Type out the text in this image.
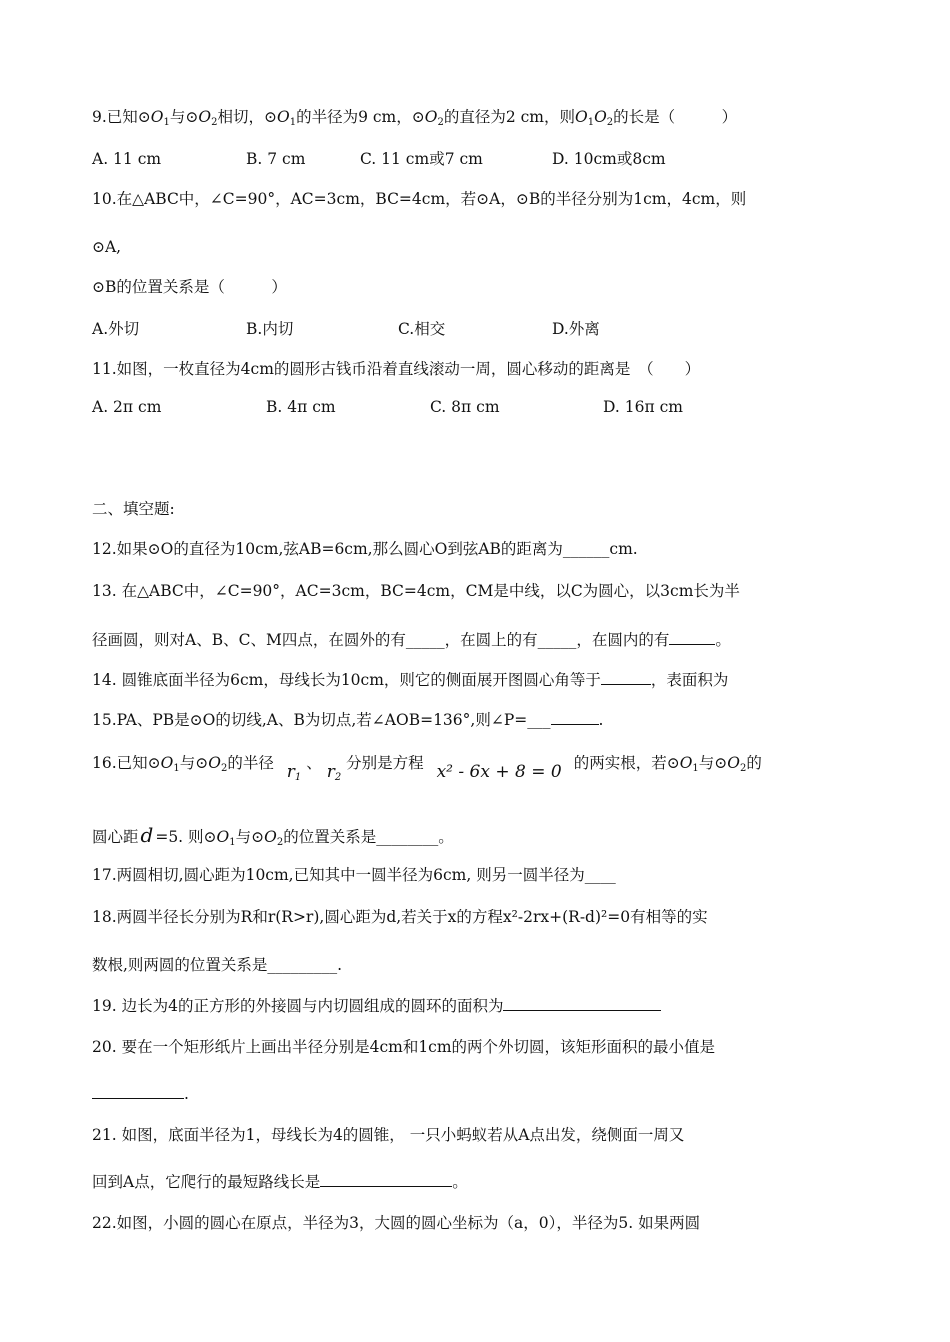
9.已知$⊙O_1$与$⊙O_2$相切，$⊙O_1$的半径为9 cm，$⊙O_2$的直径为2 cm，则$O_1O_2$的长是（　　　）
A. 11 cm	B. 7 cm	C. 11 cm或7 cm	D. 10cm或8cm
10.在△ABC中，∠C=90°，AC=3cm，BC=4cm，若⊙A，⊙B的半径分别为1cm，4cm，则
⊙A,
⊙B的位置关系是（　　　）
A.外切	B.内切	C.相交	D.外离
11.如图，一枚直径为4cm的圆形古钱币沿着直线滚动一周，圆心移动的距离是　（　　）
A. 2π cm	B. 4π cm	C. 8π cm	D. 16π cm
二、填空题:
12.如果⊙O的直径为10cm,弦AB=6cm,那么圆心O到弦AB的距离为______cm.
13. 在△ABC中，∠C=90°，AC=3cm，BC=4cm，CM是中线，以C为圆心，以3cm长为半
径画圆，则对A、B、C、M四点，在圆外的有_____，在圆上的有_____，在圆内的有	。
14. 圆锥底面半径为6cm，母线长为10cm，则它的侧面展开图圆心角等于	，表面积为
15.PA、PB是⊙O的切线,A、B为切点,若∠AOB=136°,则∠P=___	.
16.已知$⊙O_1$与$⊙O_2$的半径 $r_1$ 、 $r_2$ 分别是方程 x² - 6x + 8 = 0 的两实根，若$⊙O_1$与$⊙O_2$的
圆心距 d =5. 则$⊙O_1$与$⊙O_2$的位置关系是________。
17.两圆相切,圆心距为10cm,已知其中一圆半径为6cm, 则另一圆半径为____
18.两圆半径长分别为R和r(R>r),圆心距为d,若关于x的方程x²-2rx+(R-d)²=0有相等的实
数根,则两圆的位置关系是_________.
19. 边长为4的正方形的外接圆与内切圆组成的圆环的面积为
20. 要在一个矩形纸片上画出半径分别是4cm和1cm的两个外切圆，该矩形面积的最小值是
.
21. 如图，底面半径为1，母线长为4的圆锥， 一只小蚂蚁若从A点出发，绕侧面一周又
回到A点，它爬行的最短路线长是	。
22.如图，小圆的圆心在原点，半径为3，大圆的圆心坐标为（a，0），半径为5. 如果两圆
